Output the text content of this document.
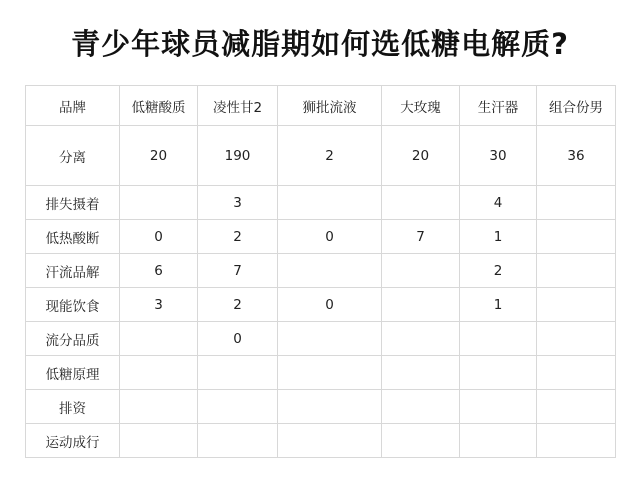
青少年球员减脂期如何选低糖电解质?
品牌	低糖酸质	凌性甘2	狮批流液	大玫瑰	生汗器	组合份男
分离	20	190	2	20	30	36
排失摄着		3			4	
低热酸断	0	2	0	7	1	
汗流品解	6	7			2	
现能饮食	3	2	0		1	
流分品质		0				
低糖原理						
排资						
运动成行						
